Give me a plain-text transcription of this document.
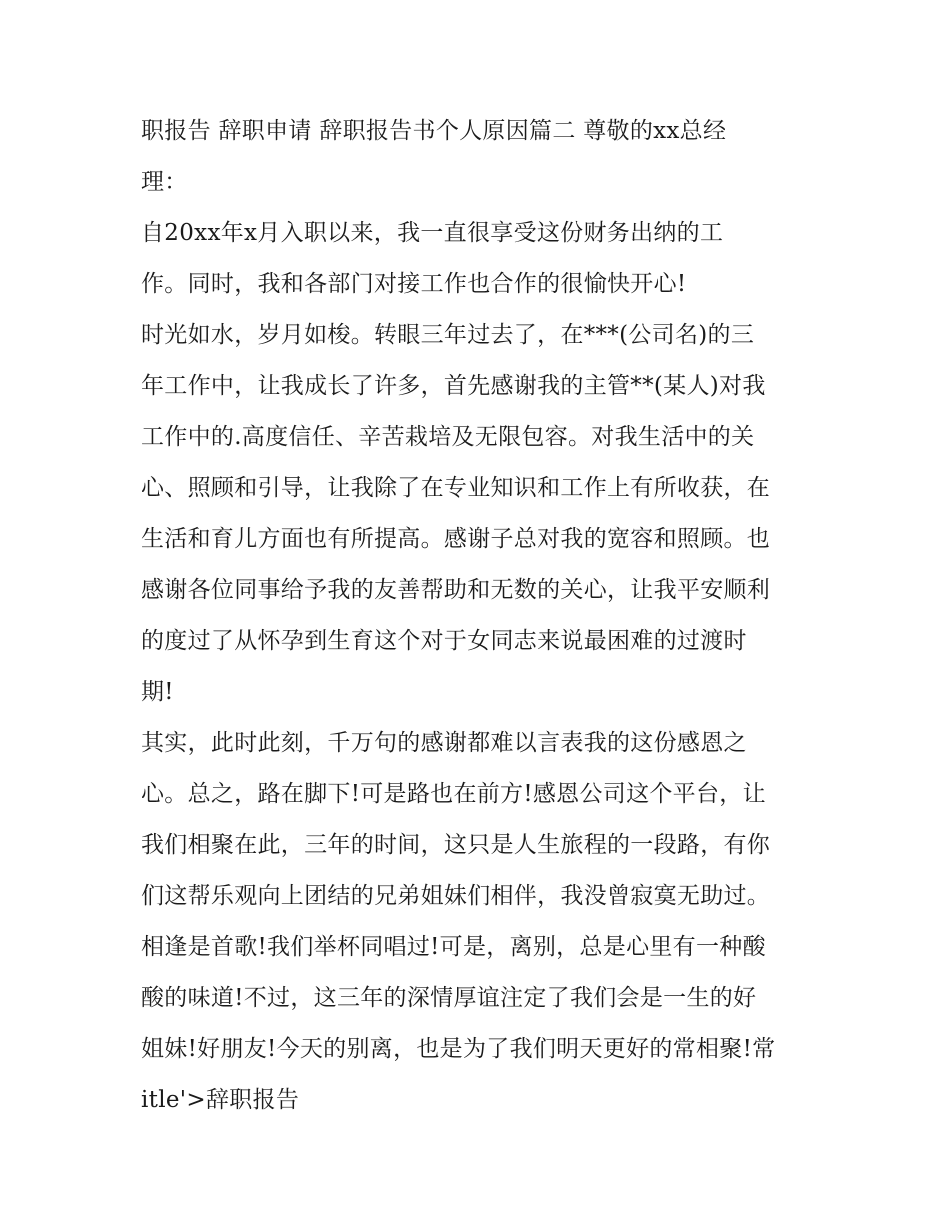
职报告 辞职申请 辞职报告书个人原因篇二 尊敬的xx总经
理：
自20xx年x月入职以来，我一直很享受这份财务出纳的工
作。同时，我和各部门对接工作也合作的很愉快开心!
时光如水，岁月如梭。转眼三年过去了，在***(公司名)的三
年工作中，让我成长了许多，首先感谢我的主管**(某人)对我
工作中的.高度信任、辛苦栽培及无限包容。对我生活中的关
心、照顾和引导，让我除了在专业知识和工作上有所收获，在
生活和育儿方面也有所提高。感谢子总对我的宽容和照顾。也
感谢各位同事给予我的友善帮助和无数的关心，让我平安顺利
的度过了从怀孕到生育这个对于女同志来说最困难的过渡时
期!
其实，此时此刻，千万句的感谢都难以言表我的这份感恩之
心。总之，路在脚下!可是路也在前方!感恩公司这个平台，让
我们相聚在此，三年的时间，这只是人生旅程的一段路，有你
们这帮乐观向上团结的兄弟姐妹们相伴，我没曾寂寞无助过。
相逢是首歌!我们举杯同唱过!可是，离别，总是心里有一种酸
酸的味道!不过，这三年的深情厚谊注定了我们会是一生的好
姐妹!好朋友!今天的别离，也是为了我们明天更好的常相聚!常
itle'>辞职报告
